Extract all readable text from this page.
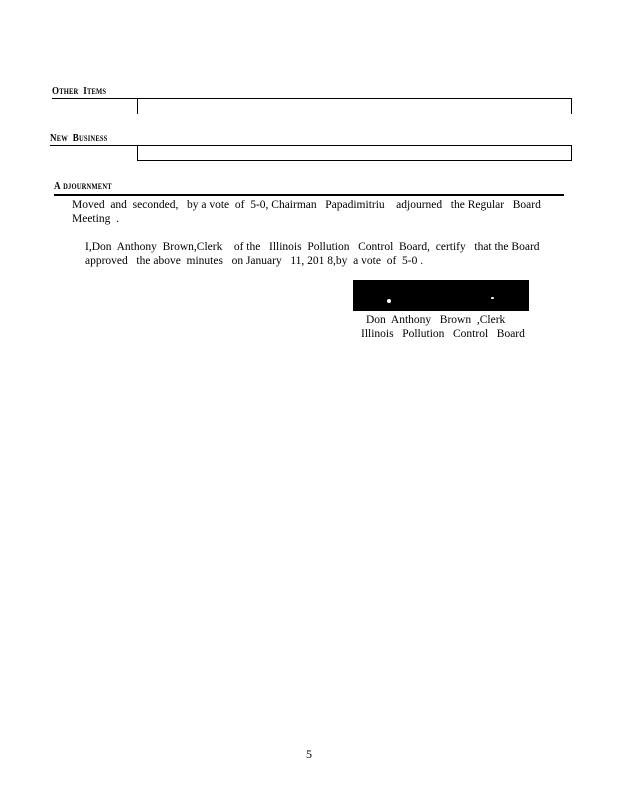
OTHER ITEMS
NEW BUSINESS
A DJOURNMENT
Moved  and  seconded,   by a vote  of  5-0, Chairman   Papadimitriu    adjourned   the Regular   Board
Meeting  .
I,Don  Anthony  Brown,Clerk    of the   Illinois  Pollution   Control  Board,  certify   that the Board
approved   the above  minutes   on January   11, 201 8,by  a vote  of  5-0 .
Don  Anthony   Brown  ,Clerk
Illinois   Pollution   Control   Board
5
